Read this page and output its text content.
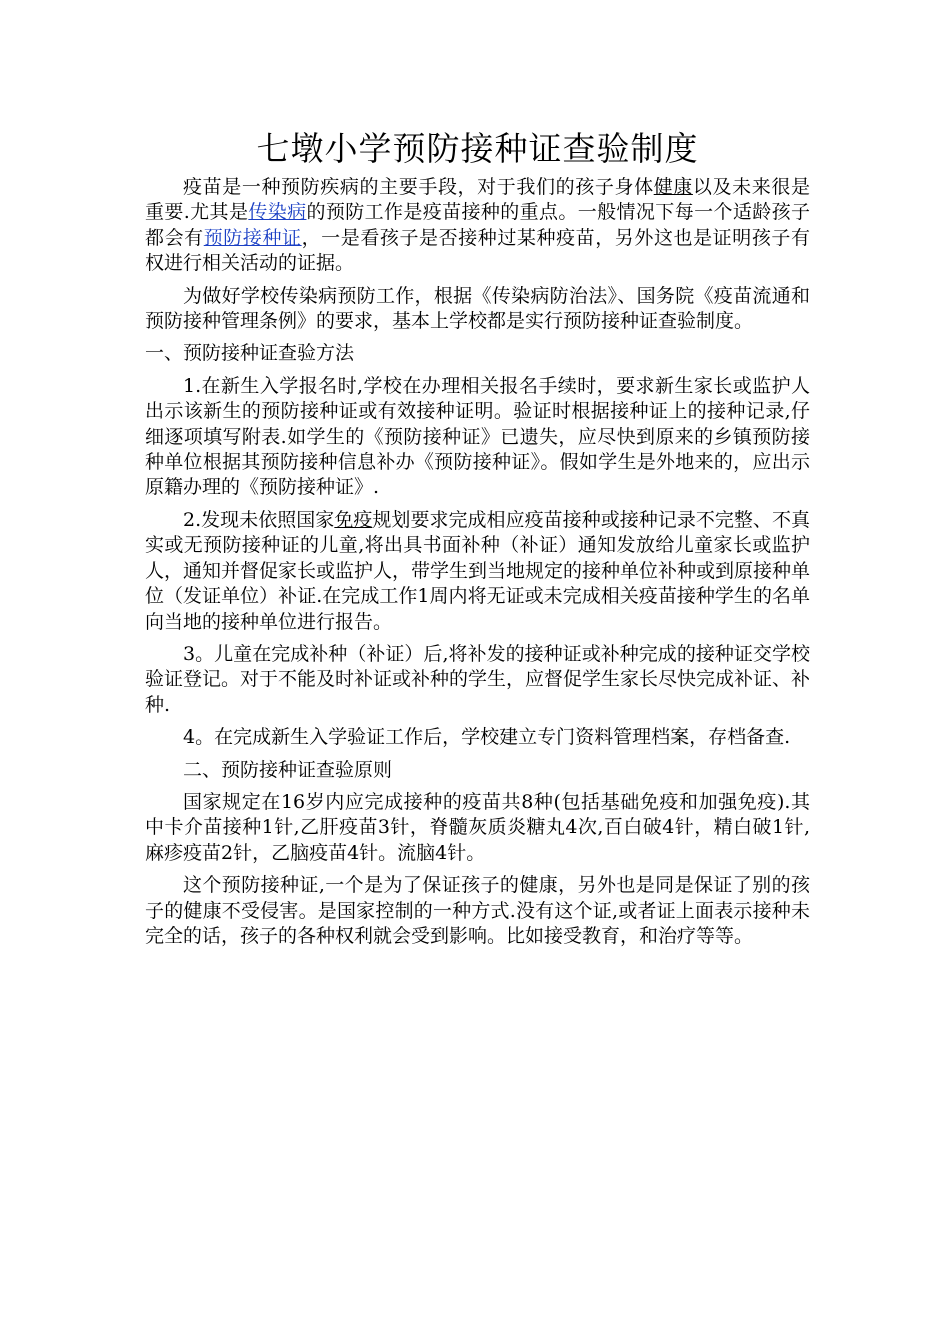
七墩小学预防接种证查验制度

疫苗是一种预防疾病的主要手段，对于我们的孩子身体健康以及未来很是重要.尤其是传染病的预防工作是疫苗接种的重点。一般情况下每一个适龄孩子都会有预防接种证，一是看孩子是否接种过某种疫苗，另外这也是证明孩子有权进行相关活动的证据。

为做好学校传染病预防工作，根据《传染病防治法》、国务院《疫苗流通和预防接种管理条例》的要求，基本上学校都是实行预防接种证查验制度。

一、预防接种证查验方法

1.在新生入学报名时,学校在办理相关报名手续时，要求新生家长或监护人出示该新生的预防接种证或有效接种证明。验证时根据接种证上的接种记录,仔细逐项填写附表.如学生的《预防接种证》已遗失，应尽快到原来的乡镇预防接种单位根据其预防接种信息补办《预防接种证》。假如学生是外地来的，应出示原籍办理的《预防接种证》.

2.发现未依照国家免疫规划要求完成相应疫苗接种或接种记录不完整、不真实或无预防接种证的儿童,将出具书面补种（补证）通知发放给儿童家长或监护人，通知并督促家长或监护人，带学生到当地规定的接种单位补种或到原接种单位（发证单位）补证.在完成工作1周内将无证或未完成相关疫苗接种学生的名单向当地的接种单位进行报告。

3。儿童在完成补种（补证）后,将补发的接种证或补种完成的接种证交学校验证登记。对于不能及时补证或补种的学生，应督促学生家长尽快完成补证、补种.

4。在完成新生入学验证工作后，学校建立专门资料管理档案，存档备查.

二、预防接种证查验原则

国家规定在16岁内应完成接种的疫苗共8种(包括基础免疫和加强免疫).其中卡介苗接种1针,乙肝疫苗3针，脊髓灰质炎糖丸4次,百白破4针，精白破1针,麻疹疫苗2针，乙脑疫苗4针。流脑4针。

这个预防接种证,一个是为了保证孩子的健康，另外也是同是保证了别的孩子的健康不受侵害。是国家控制的一种方式.没有这个证,或者证上面表示接种未完全的话，孩子的各种权利就会受到影响。比如接受教育，和治疗等等。
